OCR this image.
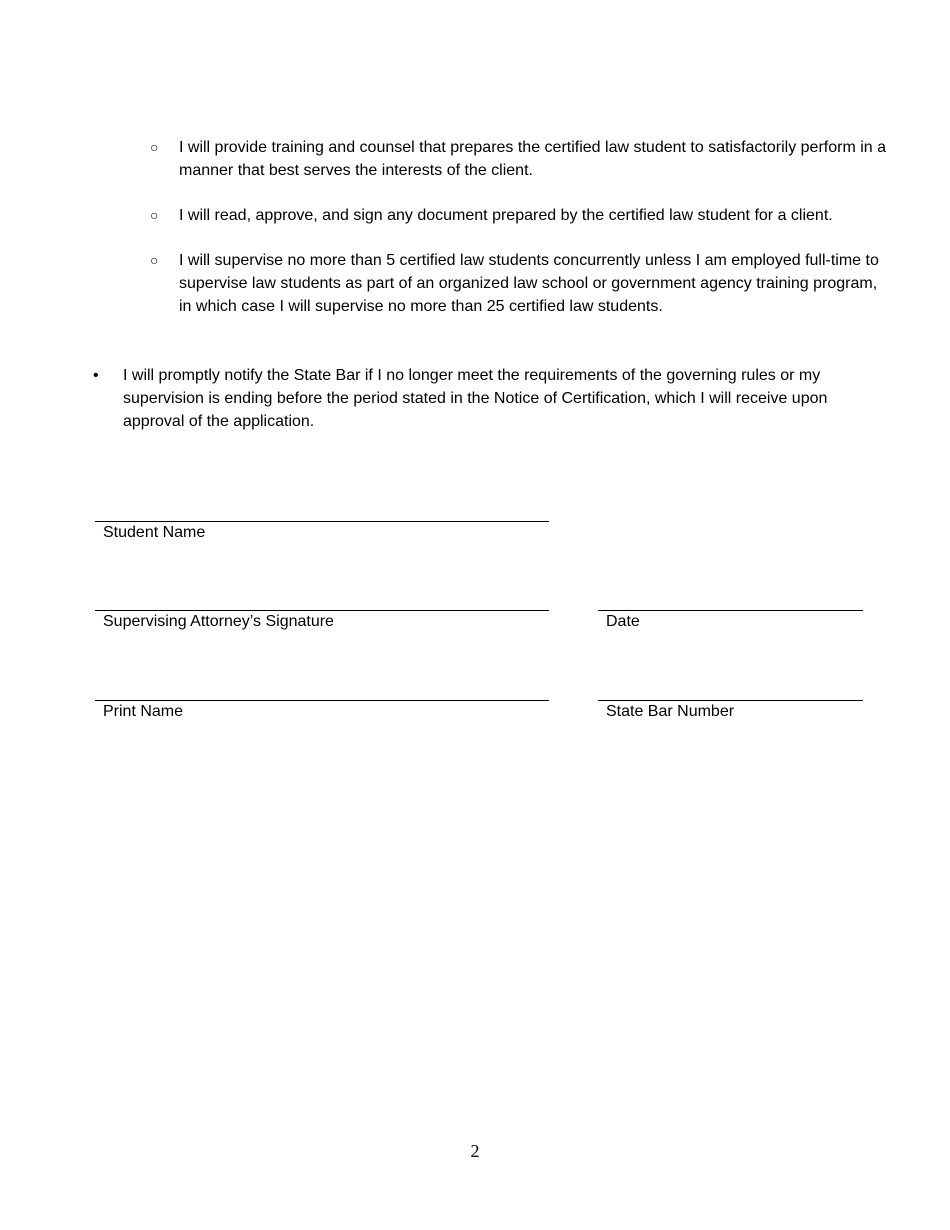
○ I will provide training and counsel that prepares the certified law student to satisfactorily perform in a manner that best serves the interests of the client.
○ I will read, approve, and sign any document prepared by the certified law student for a client.
○ I will supervise no more than 5 certified law students concurrently unless I am employed full-time to supervise law students as part of an organized law school or government agency training program, in which case I will supervise no more than 25 certified law students.
• I will promptly notify the State Bar if I no longer meet the requirements of the governing rules or my supervision is ending before the period stated in the Notice of Certification, which I will receive upon approval of the application.
Student Name
Supervising Attorney’s Signature	Date
Print Name	State Bar Number
2
